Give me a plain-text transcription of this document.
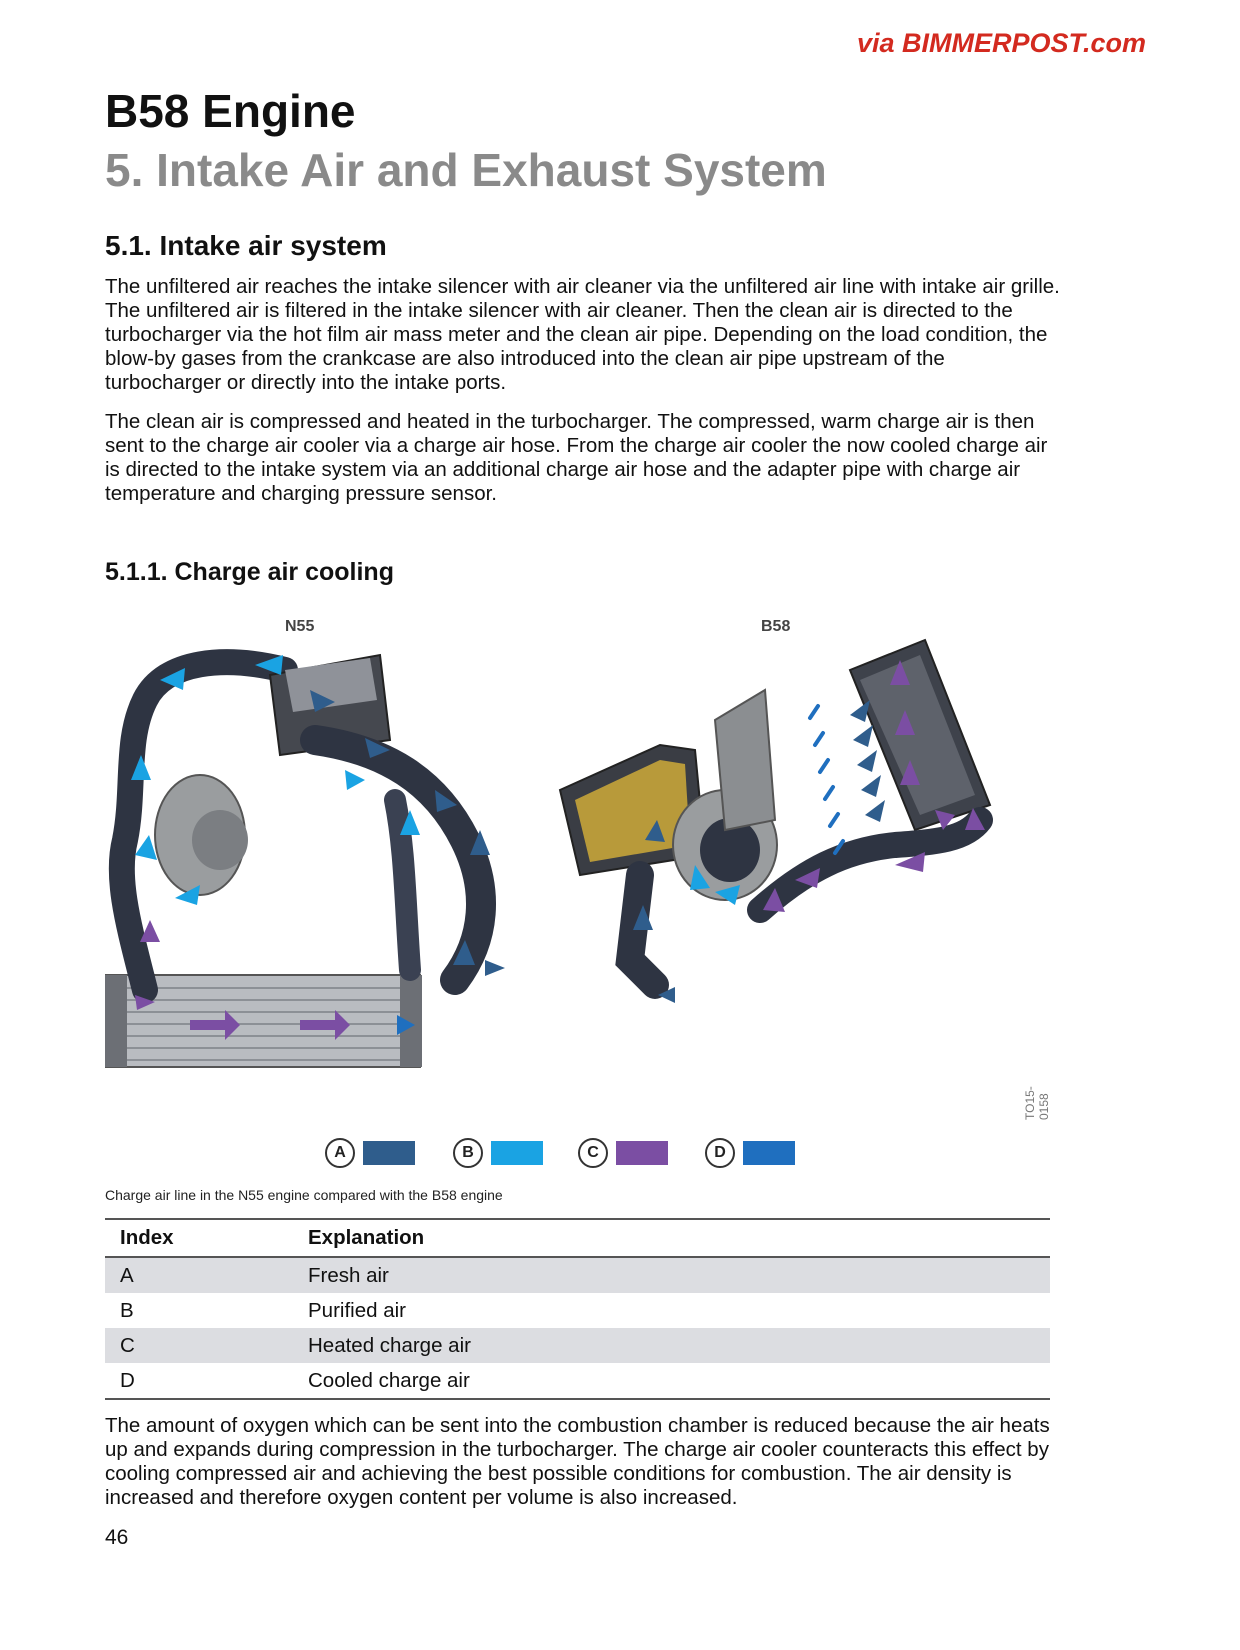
via BIMMERPOST.com
B58 Engine
5. Intake Air and Exhaust System
5.1. Intake air system

The unfiltered air reaches the intake silencer with air cleaner via the unfiltered air line with intake air grille. The unfiltered air is filtered in the intake silencer with air cleaner. Then the clean air is directed to the turbocharger via the hot film air mass meter and the clean air pipe. Depending on the load condition, the blow-by gases from the crankcase are also introduced into the clean air pipe upstream of the turbocharger or directly into the intake ports.

The clean air is compressed and heated in the turbocharger. The compressed, warm charge air is then sent to the charge air cooler via a charge air hose. From the charge air cooler the now cooled charge air is directed to the intake system via an additional charge air hose and the adapter pipe with charge air temperature and charging pressure sensor.

5.1.1. Charge air cooling
N55	B58
A	B	C	D
TO15-0158

Charge air line in the N55 engine compared with the B58 engine

Index	Explanation
A	Fresh air
B	Purified air
C	Heated charge air
D	Cooled charge air

The amount of oxygen which can be sent into the combustion chamber is reduced because the air heats up and expands during compression in the turbocharger. The charge air cooler counteracts this effect by cooling compressed air and achieving the best possible conditions for combustion. The air density is increased and therefore oxygen content per volume is also increased.

46
